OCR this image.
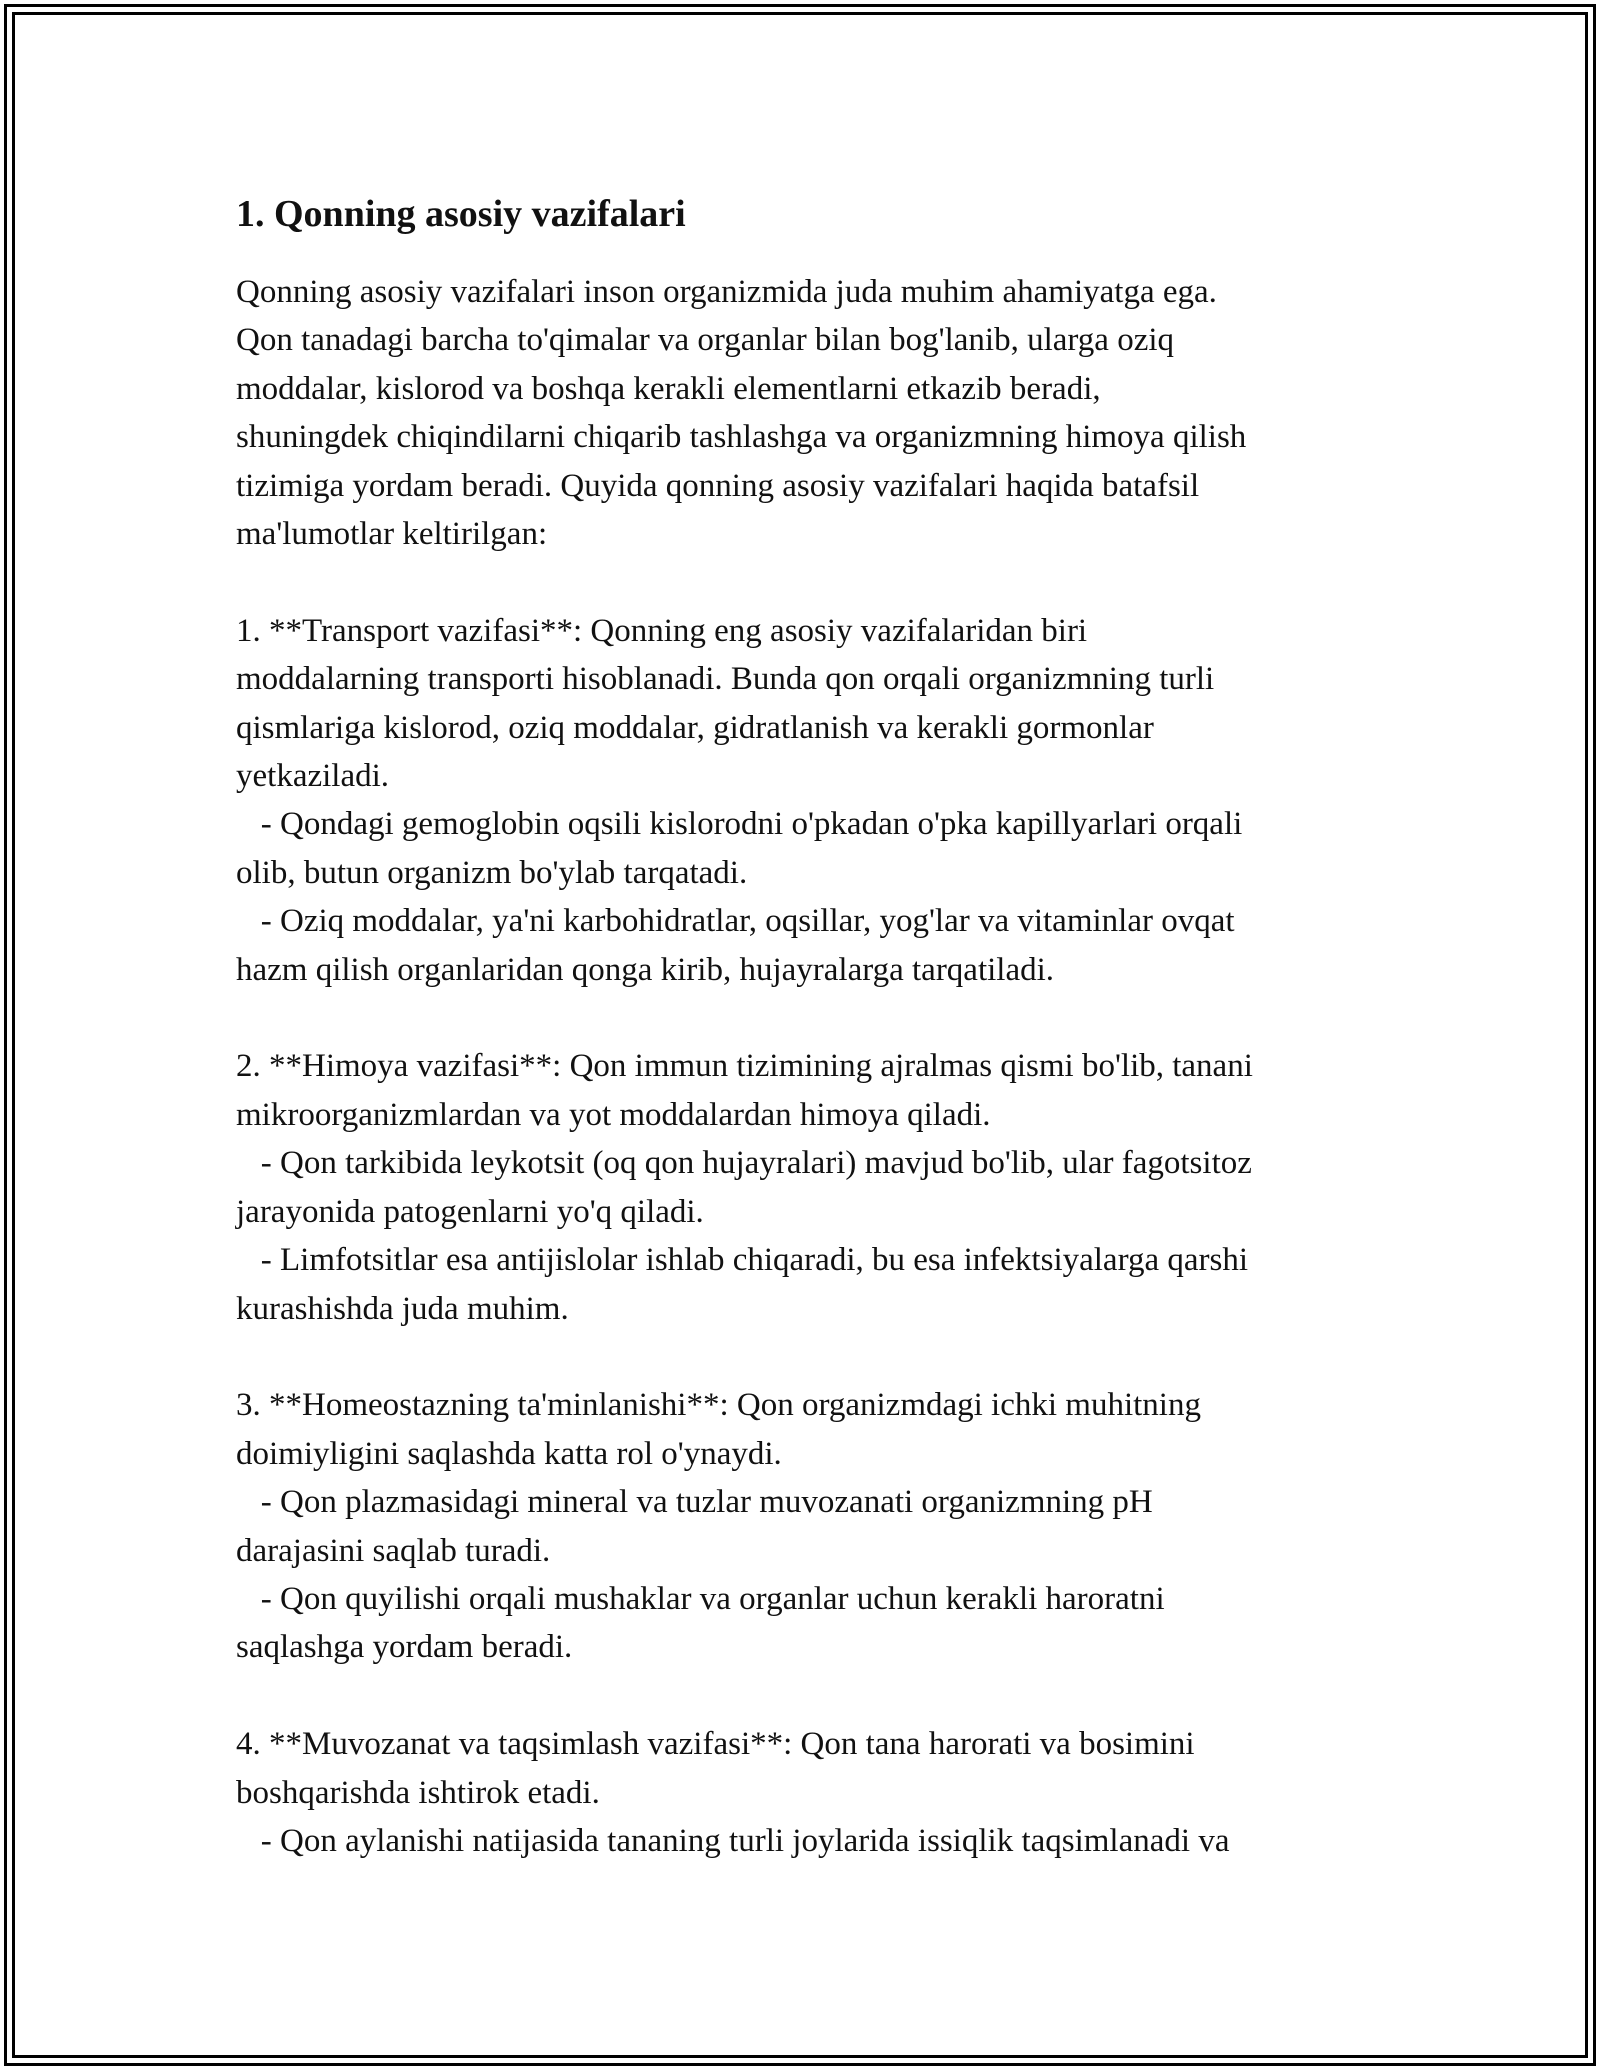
1. Qonning asosiy vazifalari
Qonning asosiy vazifalari inson organizmida juda muhim ahamiyatga ega.
Qon tanadagi barcha to'qimalar va organlar bilan bog'lanib, ularga oziq
moddalar, kislorod va boshqa kerakli elementlarni etkazib beradi,
shuningdek chiqindilarni chiqarib tashlashga va organizmning himoya qilish
tizimiga yordam beradi. Quyida qonning asosiy vazifalari haqida batafsil
ma'lumotlar keltirilgan:
1. **Transport vazifasi**: Qonning eng asosiy vazifalaridan biri
moddalarning transporti hisoblanadi. Bunda qon orqali organizmning turli
qismlariga kislorod, oziq moddalar, gidratlanish va kerakli gormonlar
yetkaziladi.
- Qondagi gemoglobin oqsili kislorodni o'pkadan o'pka kapillyarlari orqali
olib, butun organizm bo'ylab tarqatadi.
- Oziq moddalar, ya'ni karbohidratlar, oqsillar, yog'lar va vitaminlar ovqat
hazm qilish organlaridan qonga kirib, hujayralarga tarqatiladi.
2. **Himoya vazifasi**: Qon immun tizimining ajralmas qismi bo'lib, tanani
mikroorganizmlardan va yot moddalardan himoya qiladi.
- Qon tarkibida leykotsit (oq qon hujayralari) mavjud bo'lib, ular fagotsitoz
jarayonida patogenlarni yo'q qiladi.
- Limfotsitlar esa antijislolar ishlab chiqaradi, bu esa infektsiyalarga qarshi
kurashishda juda muhim.
3. **Homeostazning ta'minlanishi**: Qon organizmdagi ichki muhitning
doimiyligini saqlashda katta rol o'ynaydi.
- Qon plazmasidagi mineral va tuzlar muvozanati organizmning pH
darajasini saqlab turadi.
- Qon quyilishi orqali mushaklar va organlar uchun kerakli haroratni
saqlashga yordam beradi.
4. **Muvozanat va taqsimlash vazifasi**: Qon tana harorati va bosimini
boshqarishda ishtirok etadi.
- Qon aylanishi natijasida tananing turli joylarida issiqlik taqsimlanadi va
